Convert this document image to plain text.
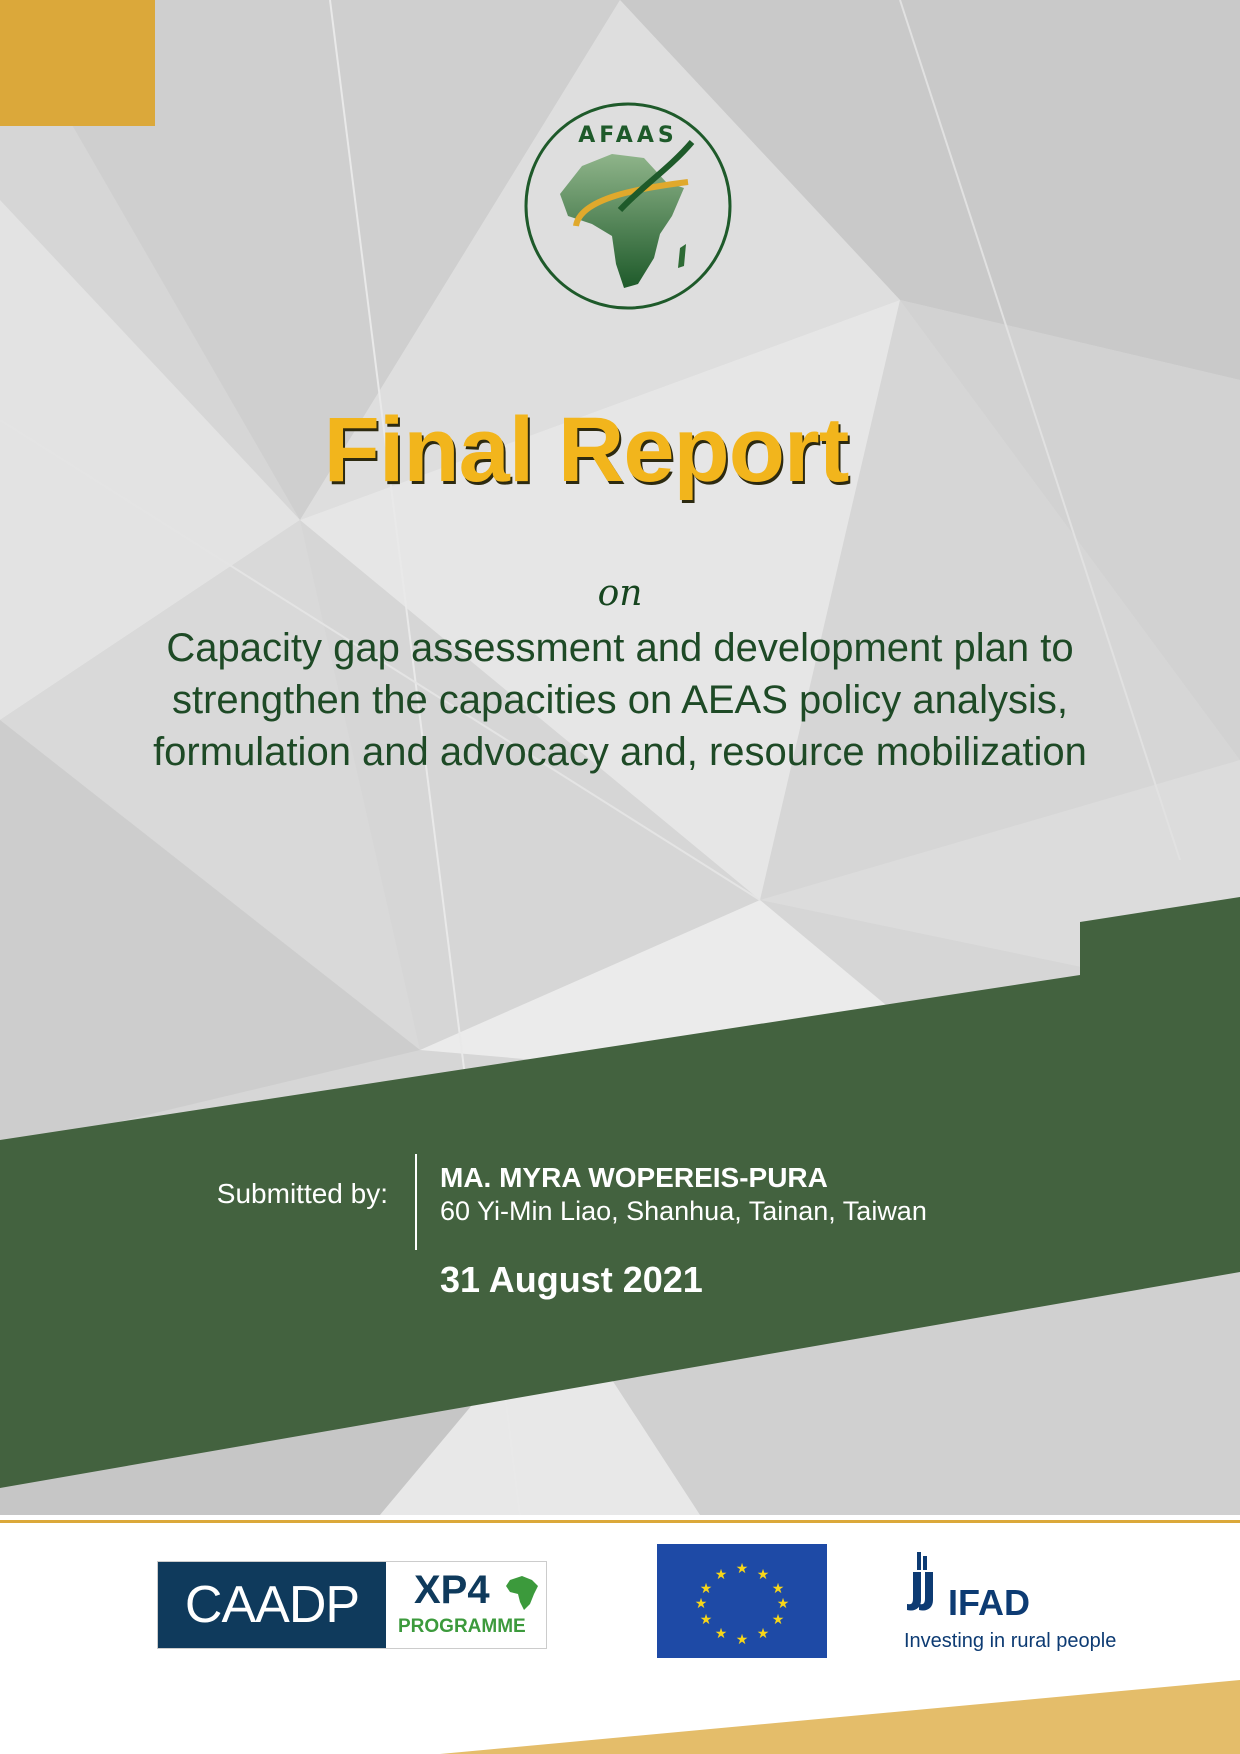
AFAAS
Final Report
on
Capacity gap assessment and development plan to strengthen the capacities on AEAS policy analysis, formulation and advocacy and, resource mobilization
Submitted by:
MA. MYRA WOPEREIS-PURA
60 Yi-Min Liao, Shanhua, Tainan, Taiwan
31 August 2021
CAADP	XP4
PROGRAMME
★ ★
★
★
★
★
★
★
★
★
★
★
IFAD
Investing in rural people
